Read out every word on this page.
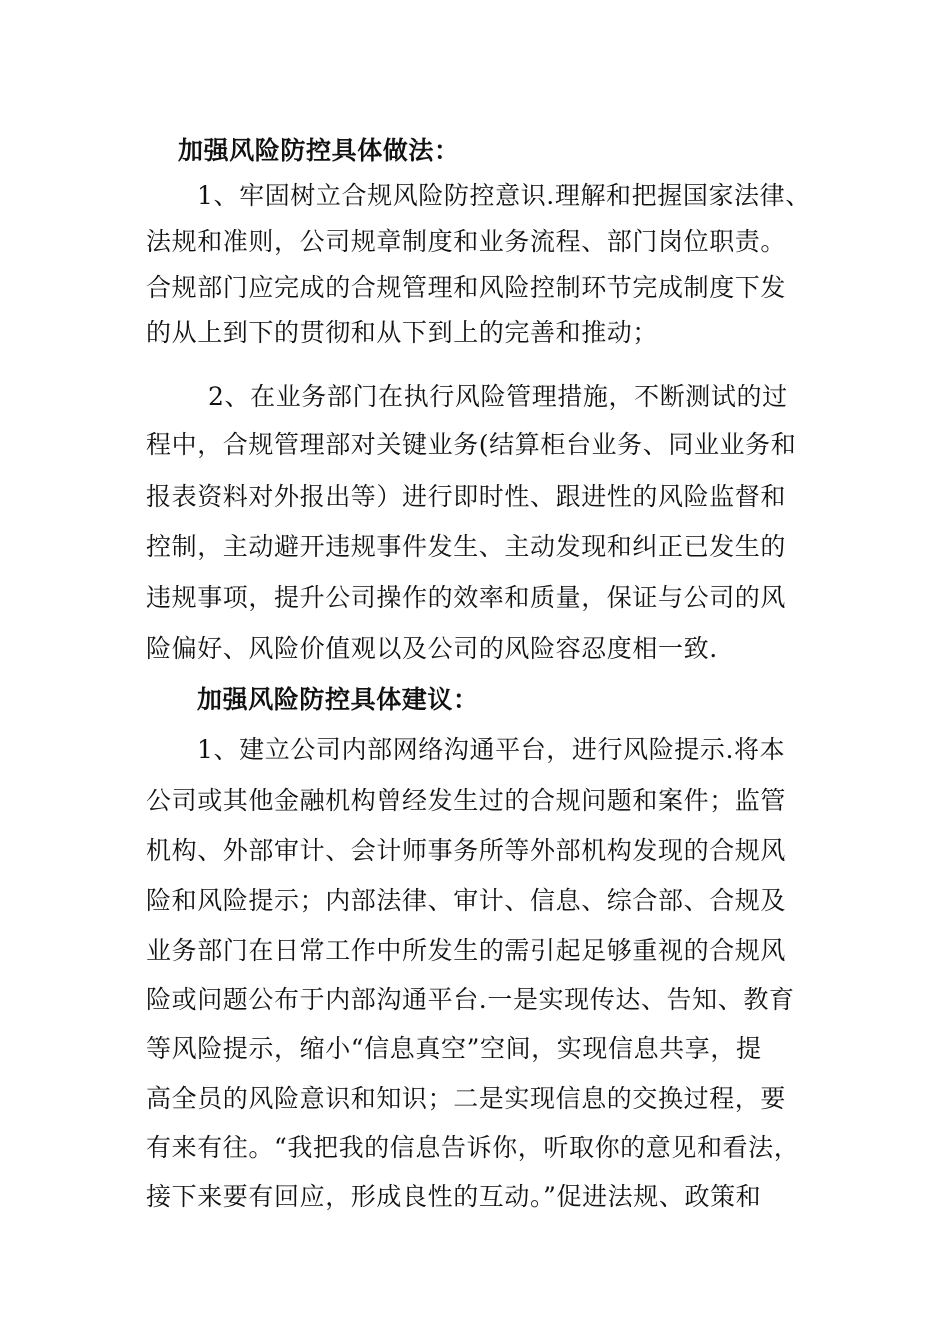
加强风险防控具体做法：
1、牢固树立合规风险防控意识.理解和把握国家法律、
法规和准则，公司规章制度和业务流程、部门岗位职责。
合规部门应完成的合规管理和风险控制环节完成制度下发
的从上到下的贯彻和从下到上的完善和推动；
2、在业务部门在执行风险管理措施，不断测试的过
程中，合规管理部对关键业务(结算柜台业务、同业业务和
报表资料对外报出等）进行即时性、跟进性的风险监督和
控制，主动避开违规事件发生、主动发现和纠正已发生的
违规事项，提升公司操作的效率和质量，保证与公司的风
险偏好、风险价值观以及公司的风险容忍度相一致.
加强风险防控具体建议：
1、建立公司内部网络沟通平台，进行风险提示.将本
公司或其他金融机构曾经发生过的合规问题和案件；监管
机构、外部审计、会计师事务所等外部机构发现的合规风
险和风险提示；内部法律、审计、信息、综合部、合规及
业务部门在日常工作中所发生的需引起足够重视的合规风
险或问题公布于内部沟通平台.一是实现传达、告知、教育
等风险提示，缩小“信息真空”空间，实现信息共享，提
高全员的风险意识和知识；二是实现信息的交换过程，要
有来有往。“我把我的信息告诉你，听取你的意见和看法，
接下来要有回应，形成良性的互动。”促进法规、政策和
